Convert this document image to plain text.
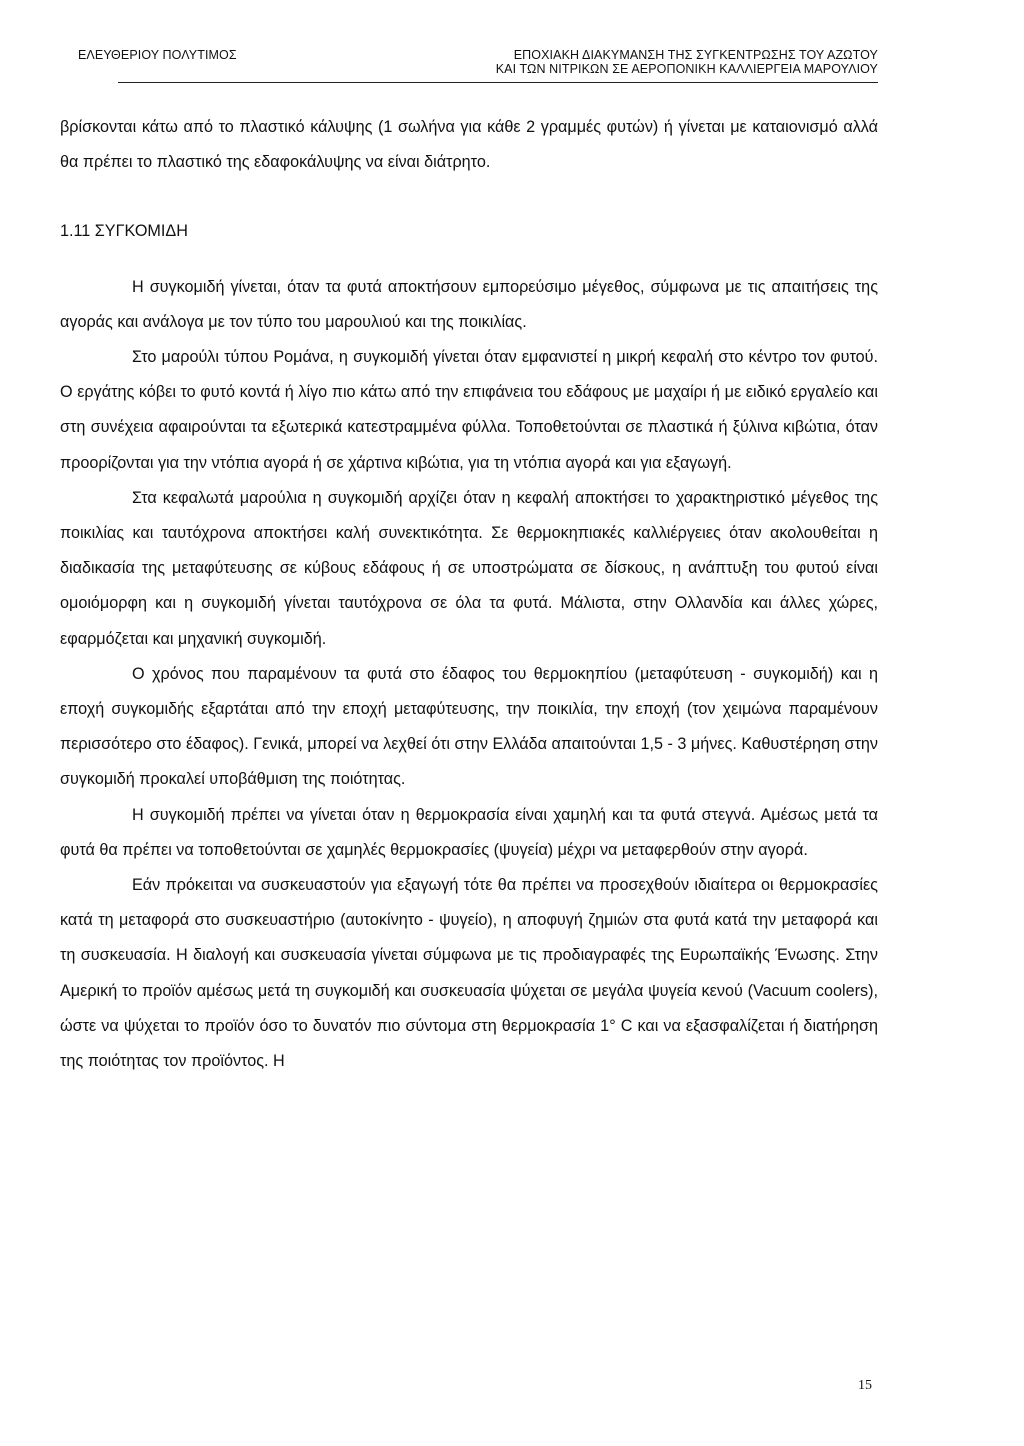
ΕΛΕΥΘΕΡΙΟΥ ΠΟΛΥΤΙΜΟΣ	ΕΠΟΧΙΑΚΗ ΔΙΑΚΥΜΑΝΣΗ ΤΗΣ ΣΥΓΚΕΝΤΡΩΣΗΣ ΤΟΥ ΑΖΩΤΟΥ
ΚΑΙ ΤΩΝ ΝΙΤΡΙΚΩΝ ΣΕ ΑΕΡΟΠΟΝΙΚΗ ΚΑΛΛΙΕΡΓΕΙΑ ΜΑΡΟΥΛΙΟΥ

βρίσκονται κάτω από το πλαστικό κάλυψης (1 σωλήνα για κάθε 2 γραμμές φυτών) ή γίνεται με καταιονισμό αλλά θα πρέπει το πλαστικό της εδαφοκάλυψης να είναι διάτρητο.

1.11 ΣΥΓΚΟΜΙΔΗ

Η συγκομιδή γίνεται, όταν τα φυτά αποκτήσουν εμπορεύσιμο μέγεθος, σύμφωνα με τις απαιτήσεις της αγοράς και ανάλογα με τον τύπο του μαρουλιού και της ποικιλίας.

Στο μαρούλι τύπου Ρομάνα, η συγκομιδή γίνεται όταν εμφανιστεί η μικρή κεφαλή στο κέντρο τον φυτού. Ο εργάτης κόβει το φυτό κοντά ή λίγο πιο κάτω από την επιφάνεια του εδάφους με μαχαίρι ή με ειδικό εργαλείο και στη συνέχεια αφαιρούνται τα εξωτερικά κατεστραμμένα φύλλα. Τοποθετούνται σε πλαστικά ή ξύλινα κιβώτια, όταν προορίζονται για την ντόπια αγορά ή σε χάρτινα κιβώτια, για τη ντόπια αγορά και για εξαγωγή.

Στα κεφαλωτά μαρούλια η συγκομιδή αρχίζει όταν η κεφαλή αποκτήσει το χαρακτηριστικό μέγεθος της ποικιλίας και ταυτόχρονα αποκτήσει καλή συνεκτικότητα. Σε θερμοκηπιακές καλλιέργειες όταν ακολουθείται η διαδικασία της μεταφύτευσης σε κύβους εδάφους ή σε υποστρώματα σε δίσκους, η ανάπτυξη του φυτού είναι ομοιόμορφη και η συγκομιδή γίνεται ταυτόχρονα σε όλα τα φυτά. Μάλιστα, στην Ολλανδία και άλλες χώρες, εφαρμόζεται και μηχανική συγκομιδή.

Ο χρόνος που παραμένουν τα φυτά στο έδαφος του θερμοκηπίου (μεταφύτευση - συγκομιδή) και η εποχή συγκομιδής εξαρτάται από την εποχή μεταφύτευσης, την ποικιλία, την εποχή (τον χειμώνα παραμένουν περισσότερο στο έδαφος). Γενικά, μπορεί να λεχθεί ότι στην Ελλάδα απαιτούνται 1,5 - 3 μήνες. Καθυστέρηση στην συγκομιδή προκαλεί υποβάθμιση της ποιότητας.

Η συγκομιδή πρέπει να γίνεται όταν η θερμοκρασία είναι χαμηλή και τα φυτά στεγνά. Αμέσως μετά τα φυτά θα πρέπει να τοποθετούνται σε χαμηλές θερμοκρασίες (ψυγεία) μέχρι να μεταφερθούν στην αγορά.

Εάν πρόκειται να συσκευαστούν για εξαγωγή τότε θα πρέπει να προσεχθούν ιδιαίτερα οι θερμοκρασίες κατά τη μεταφορά στο συσκευαστήριο (αυτοκίνητο - ψυγείο), η αποφυγή ζημιών στα φυτά κατά την μεταφορά και τη συσκευασία. Η διαλογή και συσκευασία γίνεται σύμφωνα με τις προδιαγραφές της Ευρωπαϊκής Ένωσης. Στην Αμερική το προϊόν αμέσως μετά τη συγκομιδή και συσκευασία ψύχεται σε μεγάλα ψυγεία κενού (Vacuum coolers), ώστε να ψύχεται το προϊόν όσο το δυνατόν πιο σύντομα στη θερμοκρασία 1° C και να εξασφαλίζεται ή διατήρηση της ποιότητας τον προϊόντος. Η

15
